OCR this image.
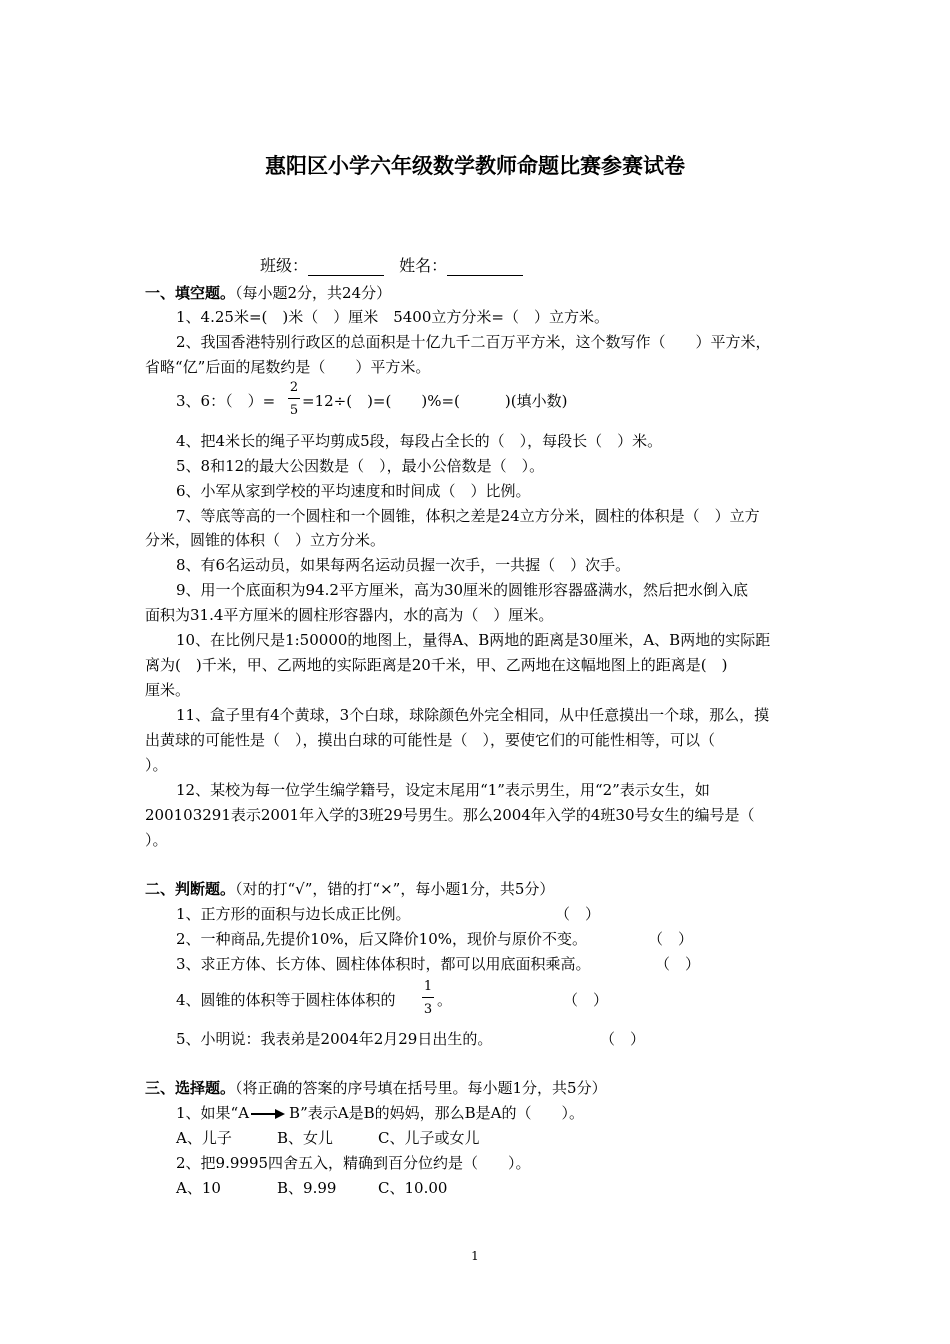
惠阳区小学六年级数学教师命题比赛参赛试卷
班级：	姓名：
一、填空题。（每小题2分，共24分）
1、4.25米=(　)米（　）厘米　5400立方分米=（　）立方米。
2、我国香港特别行政区的总面积是十亿九千二百万平方米，这个数写作（　　）平方米，
省略“亿”后面的尾数约是（　　）平方米。
3、6：（　）=
2
5
=12÷(　)=(　　)%=(　　　)(填小数)
4、把4米长的绳子平均剪成5段，每段占全长的（　），每段长（　）米。
5、8和12的最大公因数是（　），最小公倍数是（　）。
6、小军从家到学校的平均速度和时间成（　）比例。
7、等底等高的一个圆柱和一个圆锥，体积之差是24立方分米，圆柱的体积是（　）立方
分米，圆锥的体积（　）立方分米。
8、有6名运动员，如果每两名运动员握一次手，一共握（　）次手。
9、用一个底面积为94.2平方厘米，高为30厘米的圆锥形容器盛满水，然后把水倒入底
面积为31.4平方厘米的圆柱形容器内，水的高为（　）厘米。
10、在比例尺是1:50000的地图上，量得A、B两地的距离是30厘米，A、B两地的实际距
离为(　)千米，甲、乙两地的实际距离是20千米，甲、乙两地在这幅地图上的距离是(　)
厘米。
11、盒子里有4个黄球，3个白球，球除颜色外完全相同，从中任意摸出一个球，那么，摸
出黄球的可能性是（　），摸出白球的可能性是（　），要使它们的可能性相等，可以（
）。
12、某校为每一位学生编学籍号，设定末尾用“1”表示男生，用“2”表示女生，如
200103291表示2001年入学的3班29号男生。那么2004年入学的4班30号女生的编号是（
）。
二、判断题。（对的打“√”，错的打“×”，每小题1分，共5分）
1、正方形的面积与边长成正比例。	（　）
2、一种商品,先提价10%，后又降价10%，现价与原价不变。	（　）
3、求正方体、长方体、圆柱体体积时，都可以用底面积乘高。	（　）
4、圆锥的体积等于圆柱体体积的
1
3
。	（　）
5、小明说：我表弟是2004年2月29日出生的。	（　）
三、选择题。（将正确的答案的序号填在括号里。每小题1分，共5分）
1、如果“A	B”表示A是B的妈妈，那么B是A的（　　）。
A、儿子	B、女儿	C、儿子或女儿
2、把9.9995四舍五入，精确到百分位约是（　　）。
A、10	B、9.99	C、10.00
1
